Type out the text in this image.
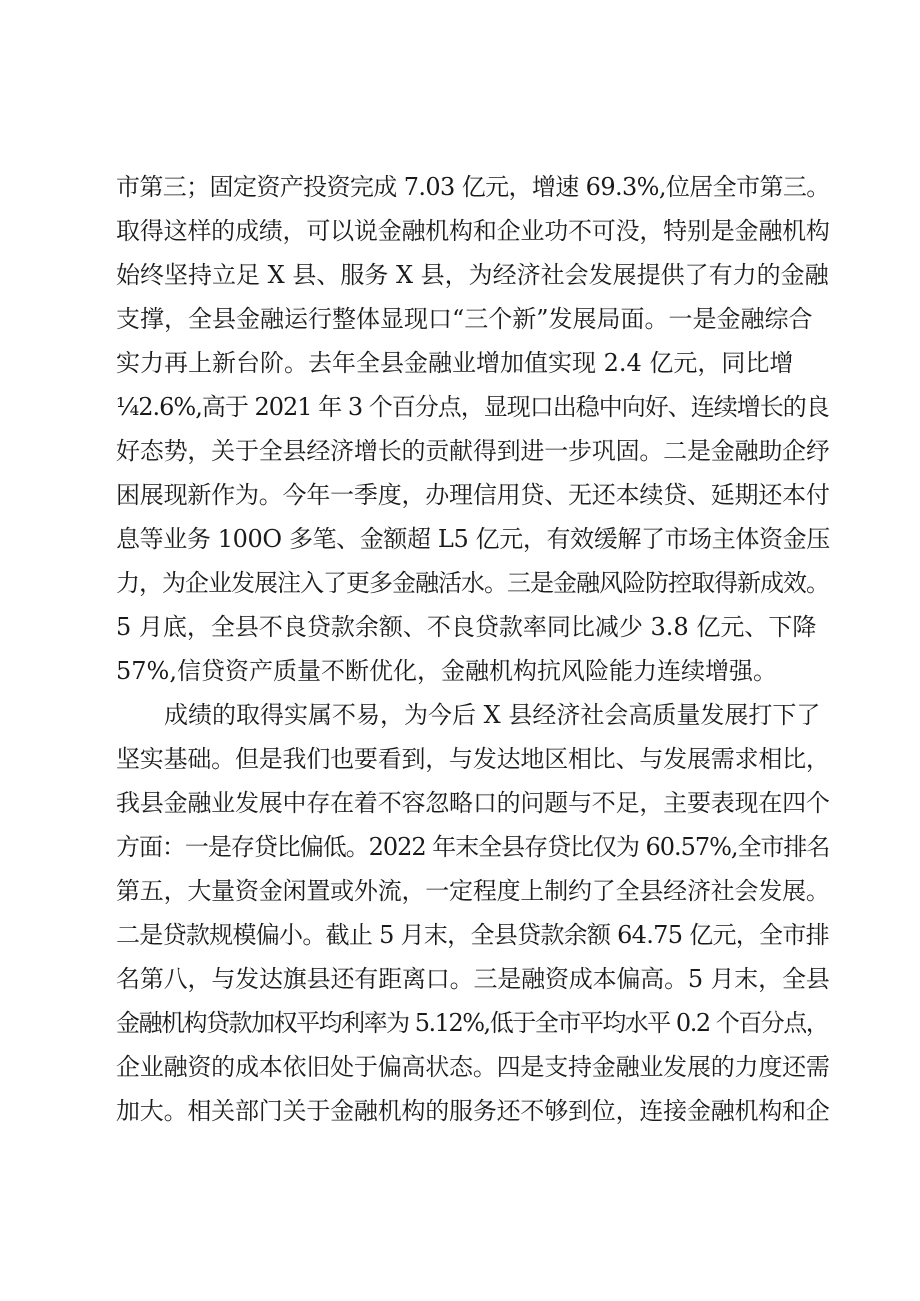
市第三；固定资产投资完成 7.03 亿元，增速 69.3%,位居全市第三。
取得这样的成绩，可以说金融机构和企业功不可没，特别是金融机构
始终坚持立足 X 县、服务 X 县，为经济社会发展提供了有力的金融
支撑，全县金融运行整体显现口“三个新”发展局面。一是金融综合
实力再上新台阶。去年全县金融业增加值实现 2.4 亿元，同比增
¼2.6%,高于 2021 年 3 个百分点，显现口出稳中向好、连续增长的良
好态势，关于全县经济增长的贡献得到进一步巩固。二是金融助企纾
困展现新作为。今年一季度，办理信用贷、无还本续贷、延期还本付
息等业务 100O 多笔、金额超 L5 亿元，有效缓解了市场主体资金压
力，为企业发展注入了更多金融活水。三是金融风险防控取得新成效。
5 月底，全县不良贷款余额、不良贷款率同比减少 3.8 亿元、下降
57%,信贷资产质量不断优化，金融机构抗风险能力连续增强。

成绩的取得实属不易，为今后 X 县经济社会高质量发展打下了
坚实基础。但是我们也要看到，与发达地区相比、与发展需求相比，
我县金融业发展中存在着不容忽略口的问题与不足，主要表现在四个
方面：一是存贷比偏低。2022 年末全县存贷比仅为 60.57%,全市排名
第五，大量资金闲置或外流，一定程度上制约了全县经济社会发展。
二是贷款规模偏小。截止 5 月末，全县贷款余额 64.75 亿元，全市排
名第八，与发达旗县还有距离口。三是融资成本偏高。5 月末，全县
金融机构贷款加权平均利率为 5.12%,低于全市平均水平 0.2 个百分点，
企业融资的成本依旧处于偏高状态。四是支持金融业发展的力度还需
加大。相关部门关于金融机构的服务还不够到位，连接金融机构和企
